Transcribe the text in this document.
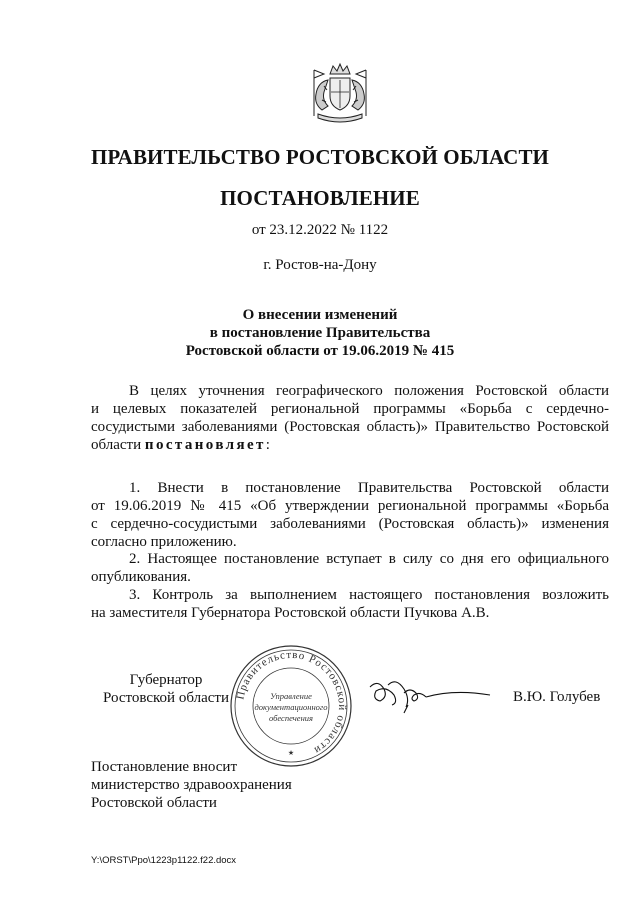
ПРАВИТЕЛЬСТВО РОСТОВСКОЙ ОБЛАСТИ
ПОСТАНОВЛЕНИЕ
от 23.12.2022 № 1122
г. Ростов-на-Дону
О внесении изменений
в постановление Правительства
Ростовской области от 19.06.2019 № 415
В целях уточнения географического положения Ростовской области
и целевых показателей региональной программы «Борьба с сердечно-
сосудистыми заболеваниями (Ростовская область)» Правительство Ростовской
области постановляет:
1. Внести в постановление Правительства Ростовской области
от 19.06.2019 № 415 «Об утверждении региональной программы «Борьба
с сердечно-сосудистыми заболеваниями (Ростовская область)» изменения
согласно приложению.
2. Настоящее постановление вступает в силу со дня его официального
опубликования.
3. Контроль за выполнением настоящего постановления возложить
на заместителя Губернатора Ростовской области Пучкова А.В.
Губернатор
Ростовской области Правительство Ростовской области
Управление
документационного
обеспечения
★
В.Ю. Голубев
Постановление вносит
министерство здравоохранения
Ростовской области
Y:\ORST\Ppo\1223p1122.f22.docx
